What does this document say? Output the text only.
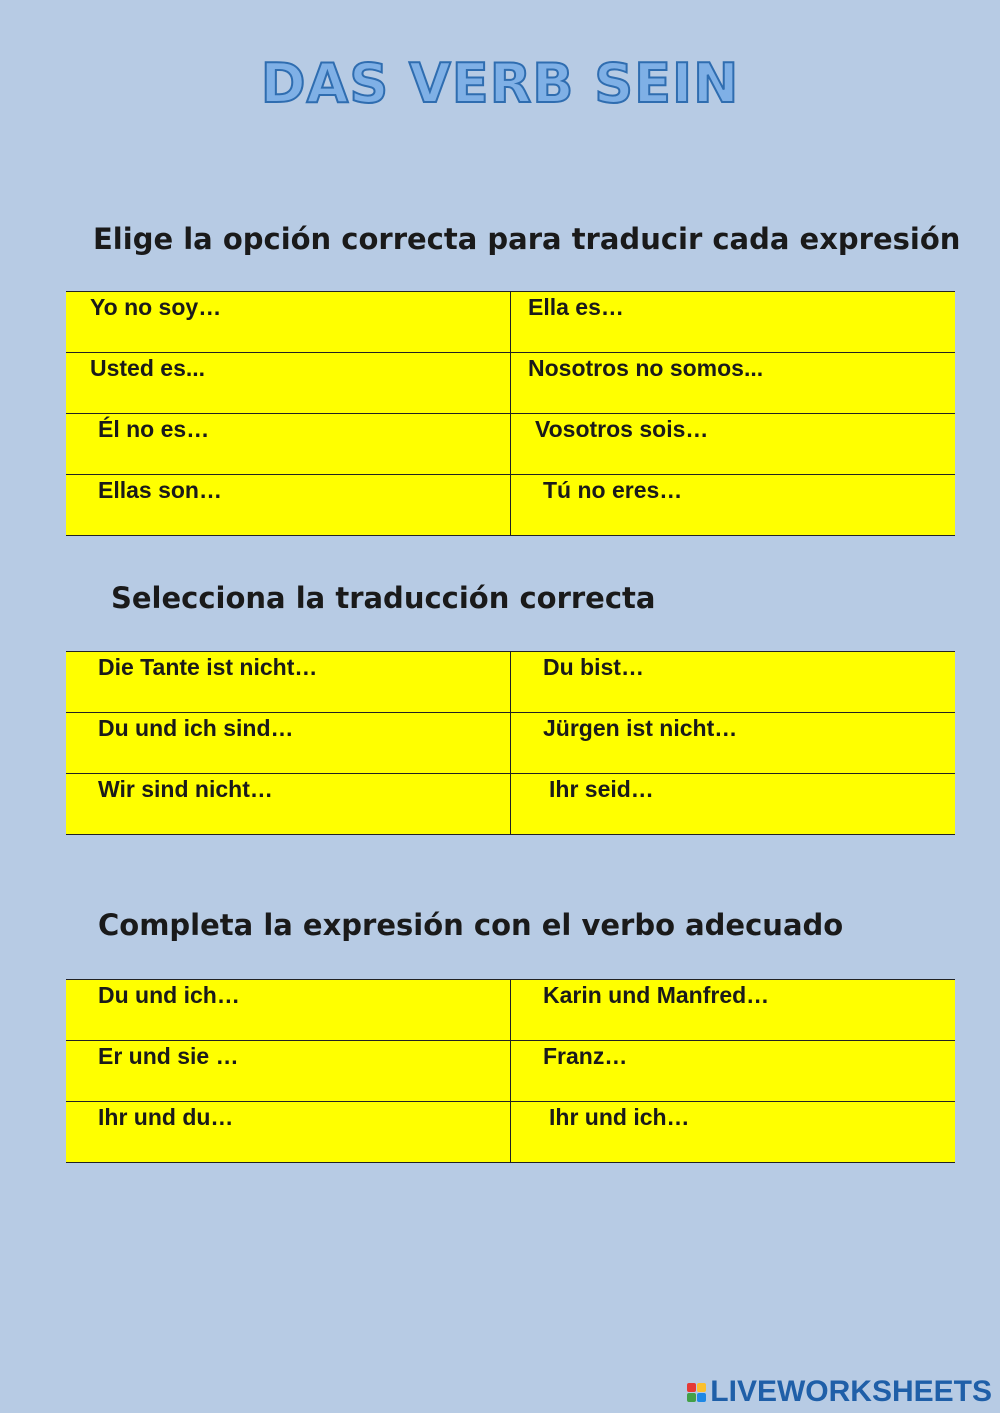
DAS VERB SEIN
Elige la opción correcta para traducir cada expresión
Yo no soy…	Ella es…
Usted es...	Nosotros no somos...
Él no es…	Vosotros sois…
Ellas son…	Tú no eres…
Selecciona la traducción correcta
Die Tante ist nicht…	Du bist…
Du und ich sind…	Jürgen ist nicht…
Wir sind nicht…	Ihr seid…
Completa la expresión con el verbo adecuado
Du und ich…	Karin und Manfred…
Er und sie …	Franz…
Ihr und du…	Ihr und ich…
LIVEWORKSHEETS
